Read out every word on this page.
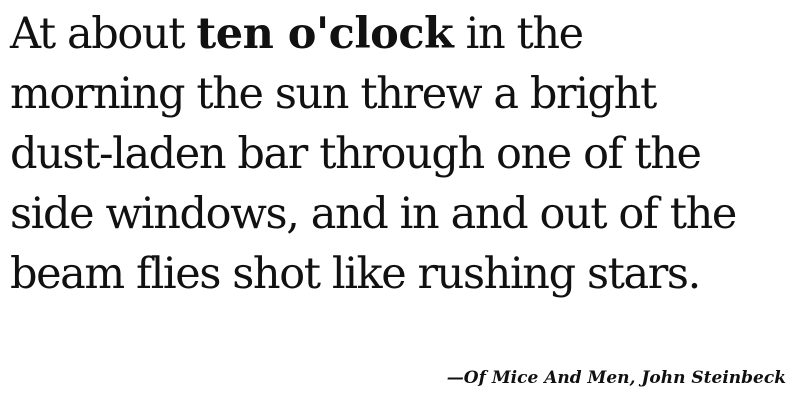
At about ten o'clock in the
morning the sun threw a bright
dust-laden bar through one of the
side windows, and in and out of the
beam flies shot like rushing stars.

—Of Mice And Men, John Steinbeck
